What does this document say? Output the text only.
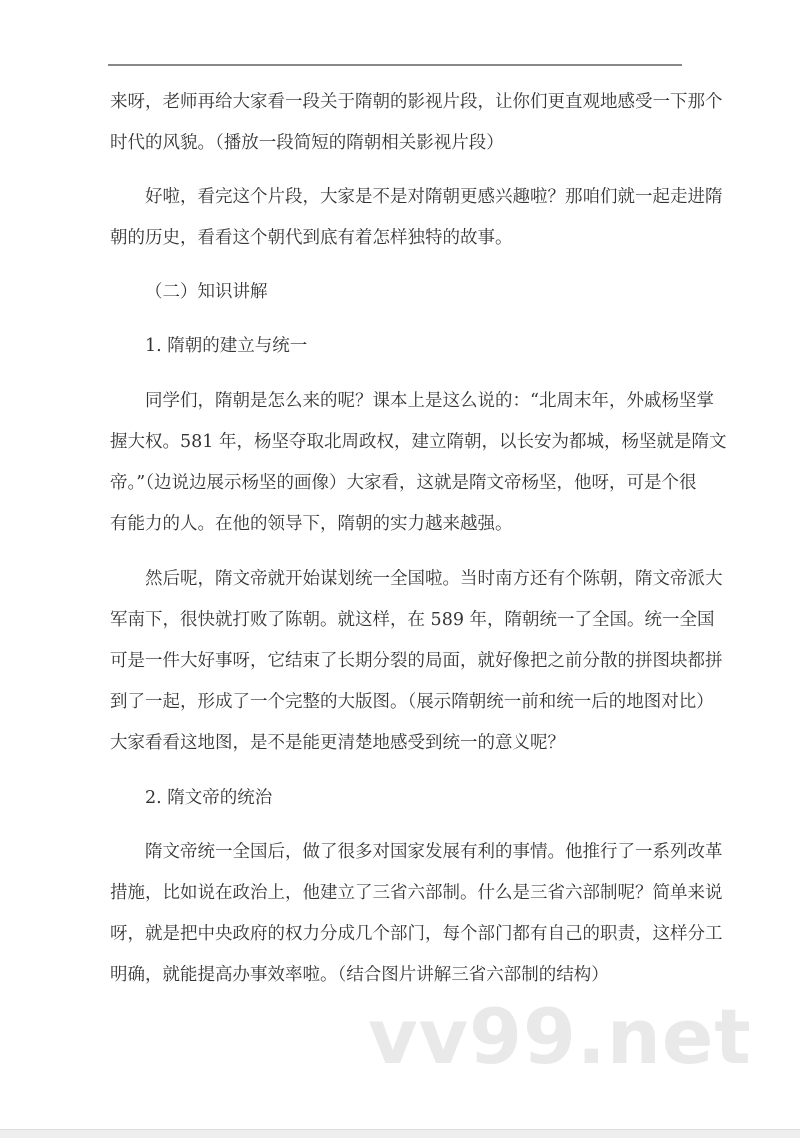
来呀，老师再给大家看一段关于隋朝的影视片段，让你们更直观地感受一下那个
时代的风貌。（播放一段简短的隋朝相关影视片段）
好啦，看完这个片段，大家是不是对隋朝更感兴趣啦？那咱们就一起走进隋
朝的历史，看看这个朝代到底有着怎样独特的故事。
（二）知识讲解
1. 隋朝的建立与统一
同学们，隋朝是怎么来的呢？课本上是这么说的：“北周末年，外戚杨坚掌
握大权。581 年，杨坚夺取北周政权，建立隋朝，以长安为都城，杨坚就是隋文
帝。”（边说边展示杨坚的画像）大家看，这就是隋文帝杨坚，他呀，可是个很
有能力的人。在他的领导下，隋朝的实力越来越强。
然后呢，隋文帝就开始谋划统一全国啦。当时南方还有个陈朝，隋文帝派大
军南下，很快就打败了陈朝。就这样，在 589 年，隋朝统一了全国。统一全国
可是一件大好事呀，它结束了长期分裂的局面，就好像把之前分散的拼图块都拼
到了一起，形成了一个完整的大版图。（展示隋朝统一前和统一后的地图对比）
大家看看这地图，是不是能更清楚地感受到统一的意义呢？
2. 隋文帝的统治
隋文帝统一全国后，做了很多对国家发展有利的事情。他推行了一系列改革
措施，比如说在政治上，他建立了三省六部制。什么是三省六部制呢？简单来说
呀，就是把中央政府的权力分成几个部门，每个部门都有自己的职责，这样分工
明确，就能提高办事效率啦。（结合图片讲解三省六部制的结构）
vv99.net
